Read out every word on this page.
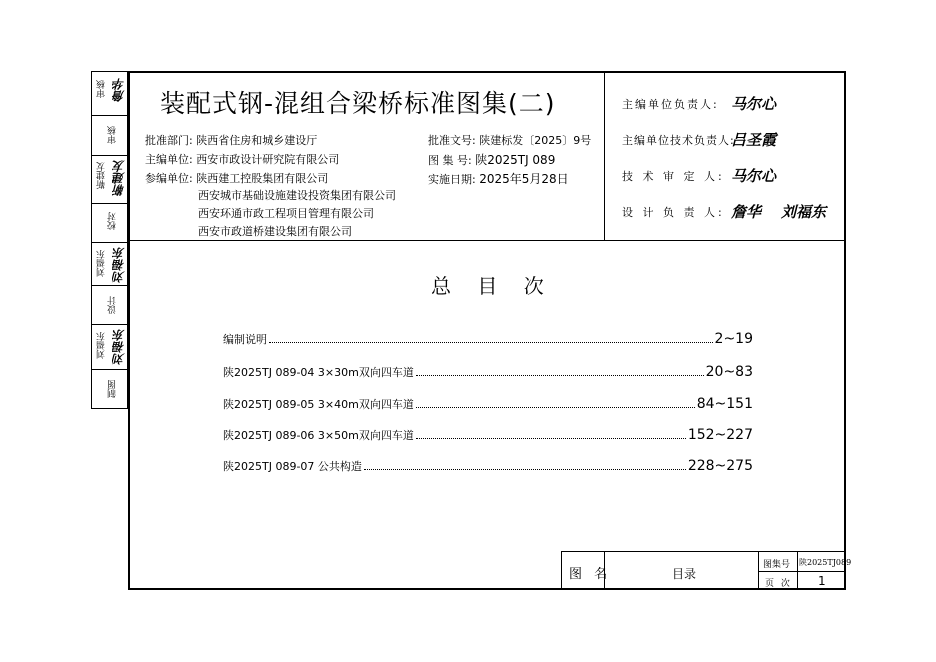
装配式钢-混组合梁桥标准图集(二)
批准部门: 陕西省住房和城乡建设厅
主编单位: 西安市政设计研究院有限公司
参编单位: 陕西建工控股集团有限公司
西安城市基础设施建设投资集团有限公司
西安环通市政工程项目管理有限公司
西安市政道桥建设集团有限公司
批准文号: 陕建标发〔2025〕9号
图 集 号: 陕2025TJ 089
实施日期: 2025年5月28日
主编单位负责人: 马尔心
主编单位技术负责人:
吕圣霞
技 术 审 定 人: 马尔心
设 计 负 责 人: 詹华 刘福东
总 目 次
编制说明	2~19
陕2025TJ 089-04 3×30m双向四车道	20~83
陕2025TJ 089-05 3×40m双向四车道	84~151
陕2025TJ 089-06 3×50m双向四车道	152~227
陕2025TJ 089-07 公共构造	228~275
审核 詹华
审核
靳建友 靳建友
校对
刘福东 刘福东
设计
刘福东 刘福东
制图
图 名	目录
图集号 陕2025TJ089
页 次 1
